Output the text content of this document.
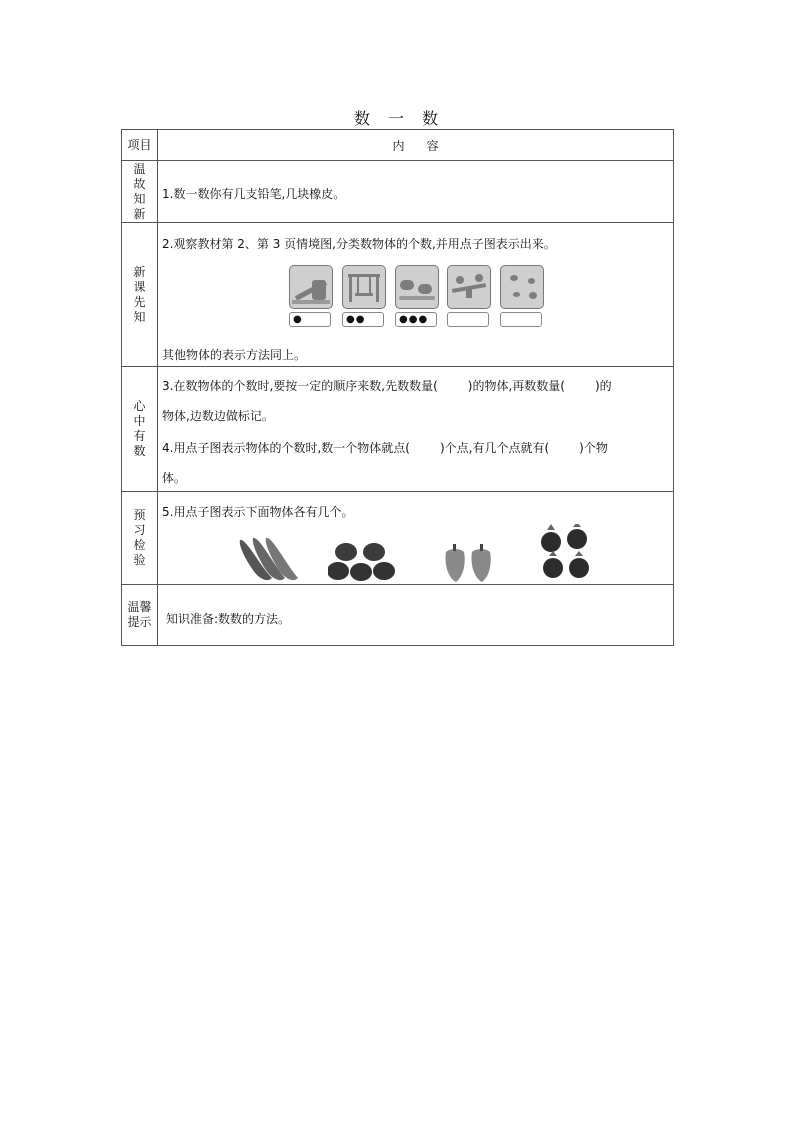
数 一 数
项目	内 容
温故知新	1.数一数你有几支铅笔,几块橡皮。

新课先知	2.观察教材第 2、第 3 页情境图,分类数物体的个数,并用点子图表示出来。
● ●● ●●●
其他物体的表示方法同上。

心中有数	3.在数物体的个数时,要按一定的顺序来数,先数数量( )的物体,再数数量( )的
物体,边数边做标记。
4.用点子图表示物体的个数时,数一个物体就点( )个点,有几个点就有( )个物
体。

预习检验	5.用点子图表示下面物体各有几个。

温馨提示	知识准备:数数的方法。
